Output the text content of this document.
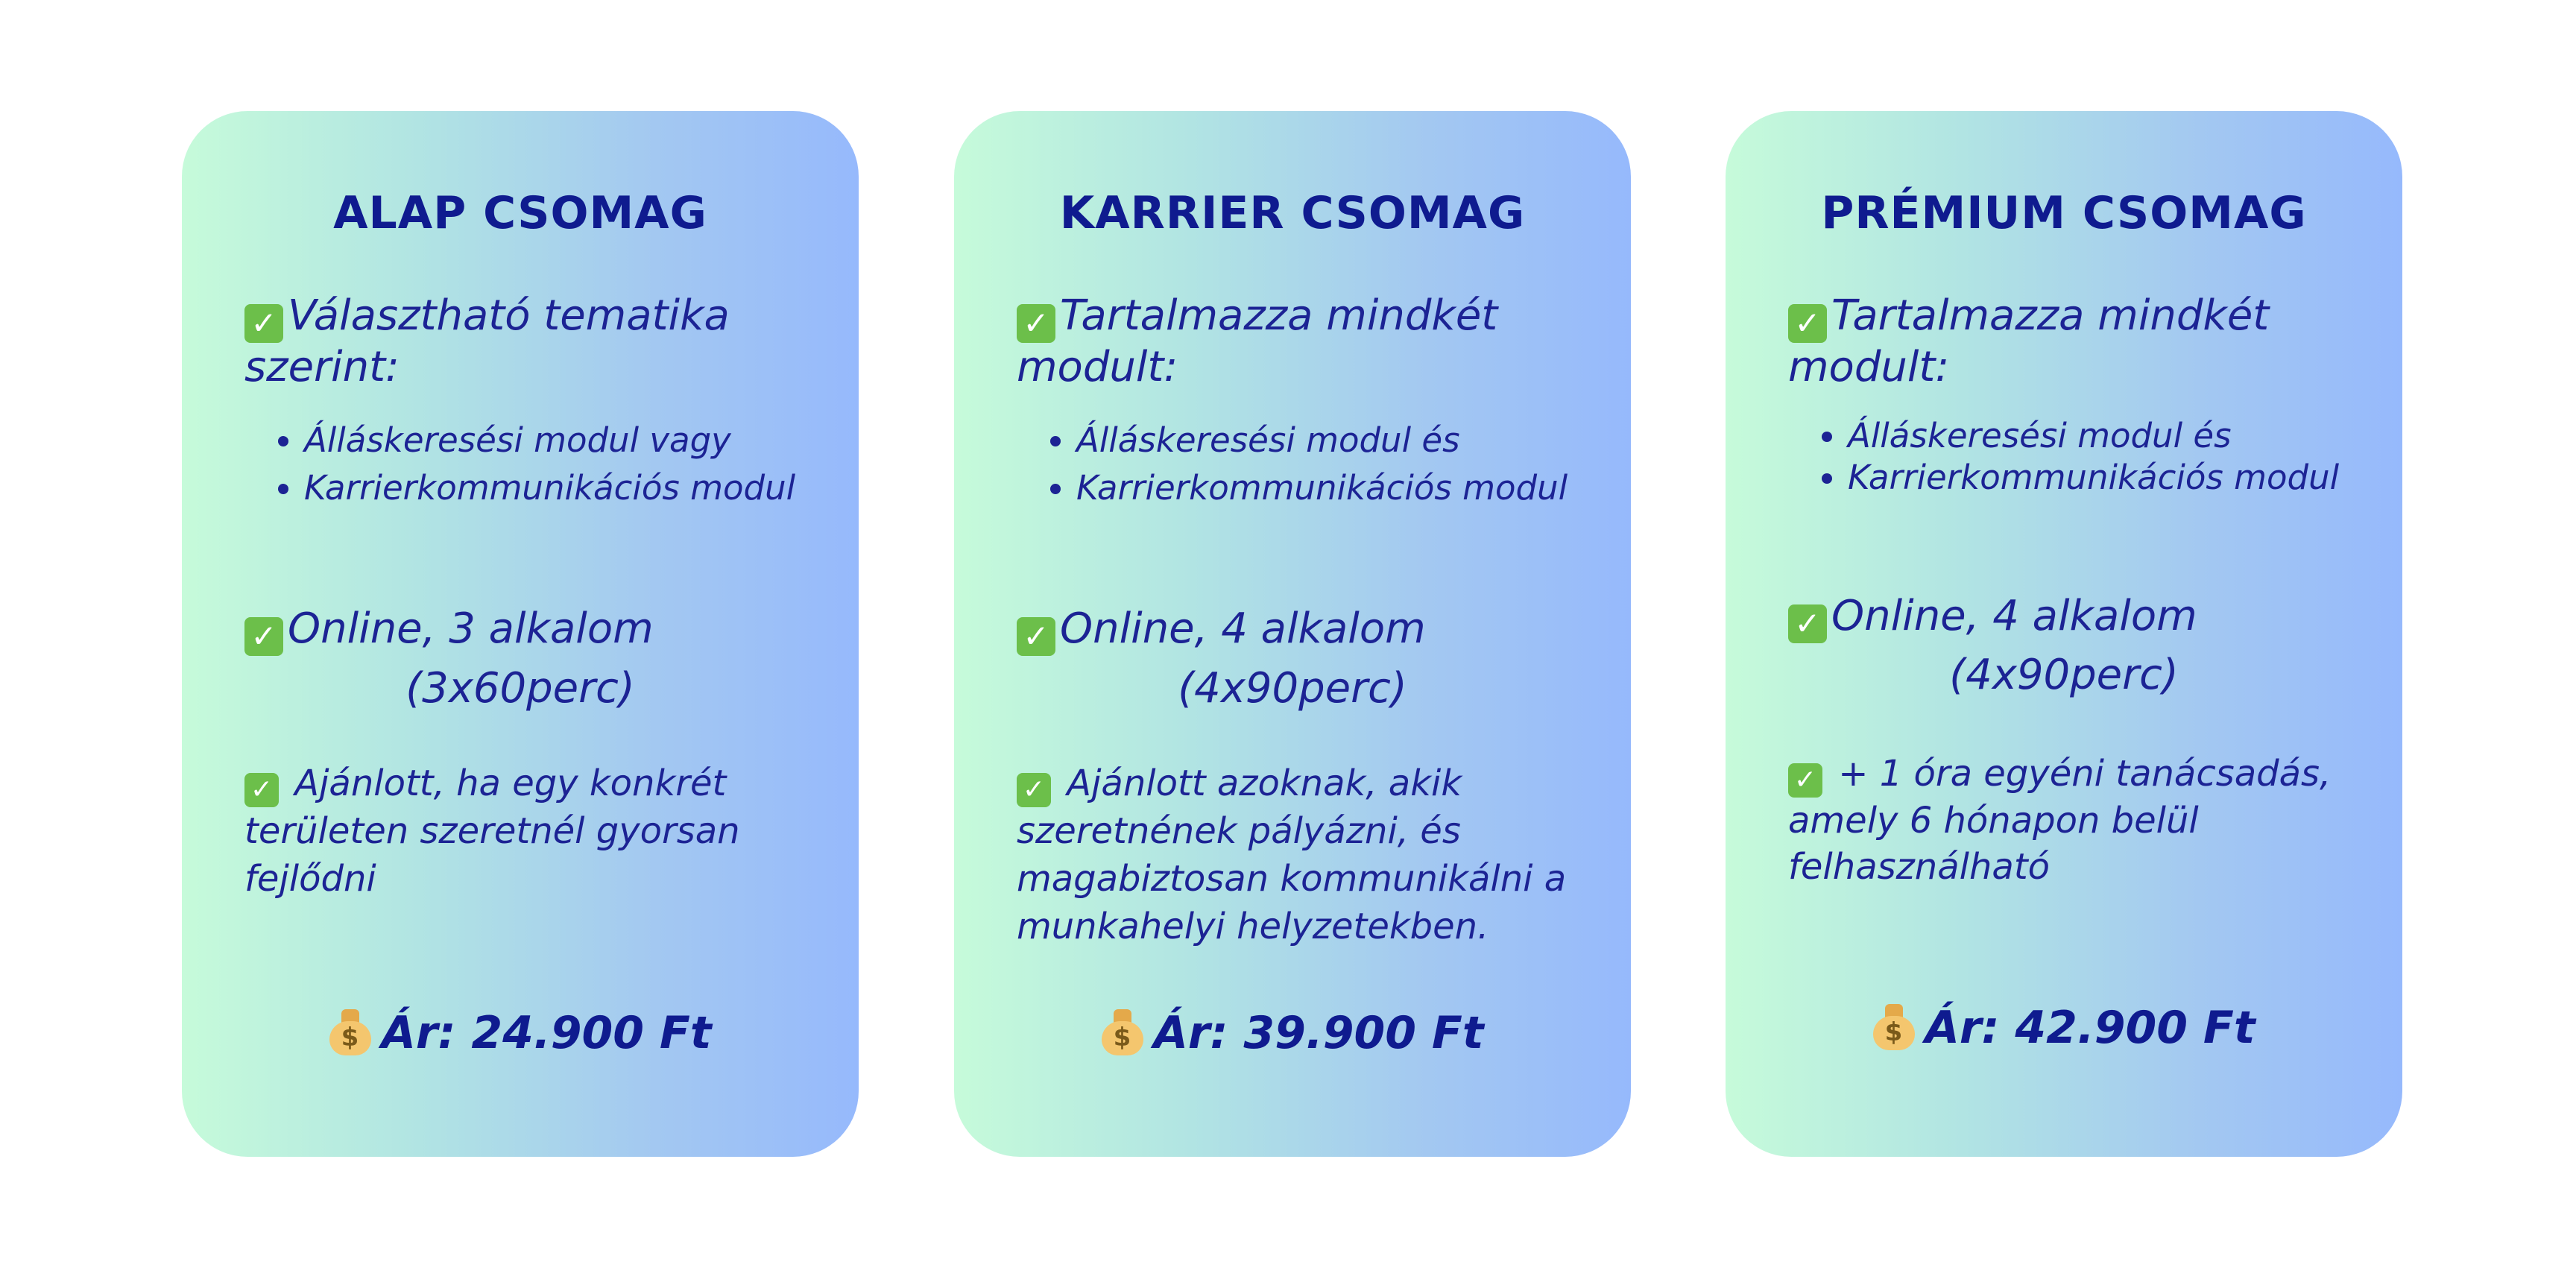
ALAP CSOMAG
✓ Választható tematika szerint:
• Álláskeresési modul vagy
• Karrierkommunikációs modul
✓ Online, 3 alkalom
(3x60perc)
✓ Ajánlott, ha egy konkrét területen szeretnél gyorsan fejlődni
$ Ár: 24.900 Ft
KARRIER CSOMAG
✓ Tartalmazza mindkét modult:
• Álláskeresési modul és
• Karrierkommunikációs modul
✓ Online, 4 alkalom
(4x90perc)
✓ Ajánlott azoknak, akik szeretnének pályázni, és magabiztosan kommunikálni a munkahelyi helyzetekben.
$ Ár: 39.900 Ft
PRÉMIUM CSOMAG
✓ Tartalmazza mindkét modult:
• Álláskeresési modul és
• Karrierkommunikációs modul
✓ Online, 4 alkalom
(4x90perc)
✓ + 1 óra egyéni tanácsadás, amely 6 hónapon belül felhasználható
$ Ár: 42.900 Ft
